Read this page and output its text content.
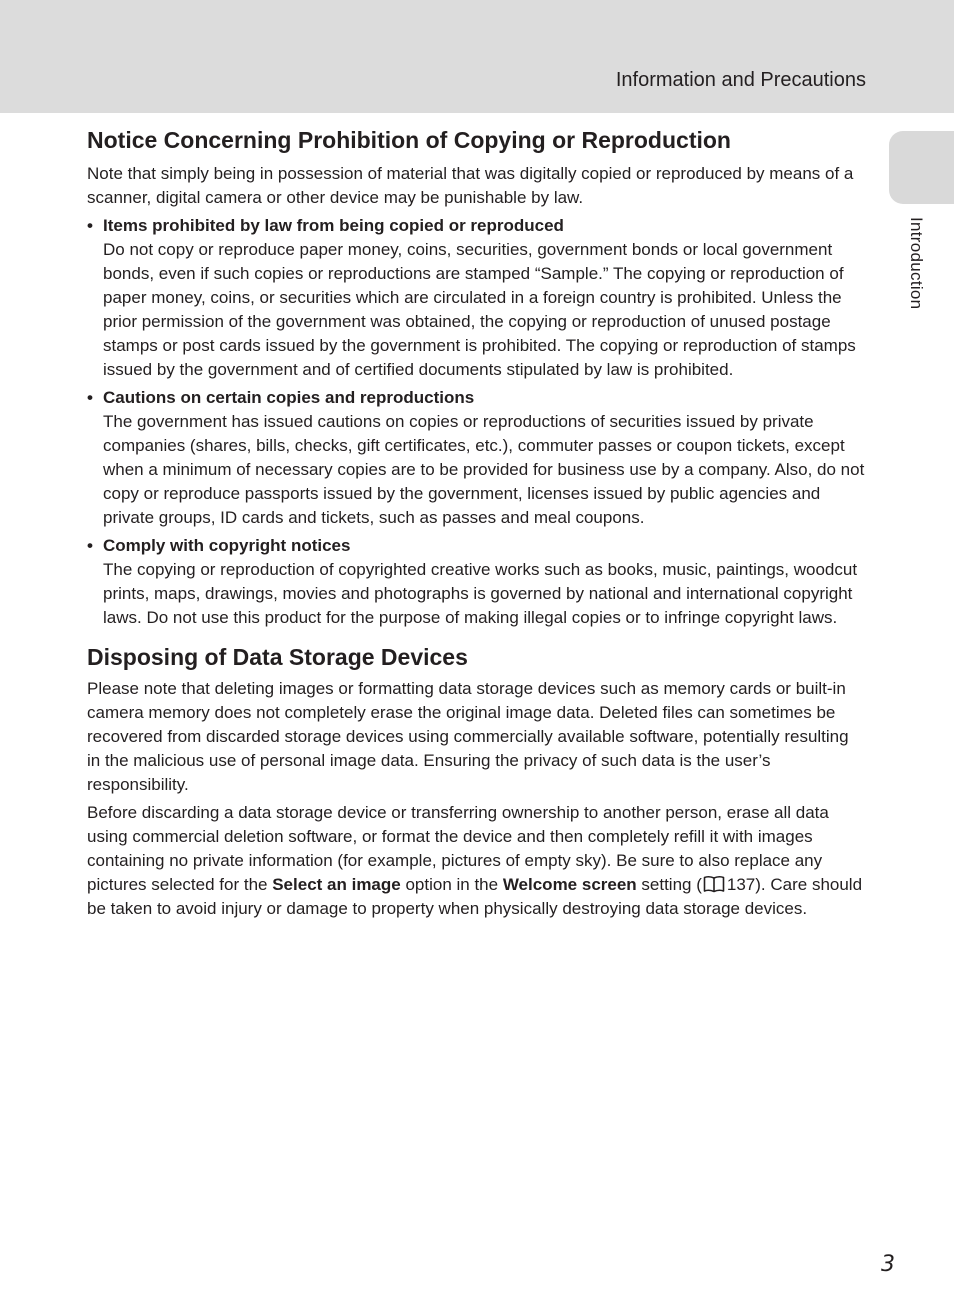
Information and Precautions
Introduction
Notice Concerning Prohibition of Copying or Reproduction

Note that simply being in possession of material that was digitally copied or reproduced by means of a scanner, digital camera or other device may be punishable by law.

• Items prohibited by law from being copied or reproduced

Do not copy or reproduce paper money, coins, securities, government bonds or local government bonds, even if such copies or reproductions are stamped “Sample.” The copying or reproduction of paper money, coins, or securities which are circulated in a foreign country is prohibited. Unless the prior permission of the government was obtained, the copying or reproduction of unused postage stamps or post cards issued by the government is prohibited. The copying or reproduction of stamps issued by the government and of certified documents stipulated by law is prohibited.

• Cautions on certain copies and reproductions

The government has issued cautions on copies or reproductions of securities issued by private companies (shares, bills, checks, gift certificates, etc.), commuter passes or coupon tickets, except when a minimum of necessary copies are to be provided for business use by a company. Also, do not copy or reproduce passports issued by the government, licenses issued by public agencies and private groups, ID cards and tickets, such as passes and meal coupons.

• Comply with copyright notices

The copying or reproduction of copyrighted creative works such as books, music, paintings, woodcut prints, maps, drawings, movies and photographs is governed by national and international copyright laws. Do not use this product for the purpose of making illegal copies or to infringe copyright laws.

Disposing of Data Storage Devices

Please note that deleting images or formatting data storage devices such as memory cards or built-in camera memory does not completely erase the original image data. Deleted files can sometimes be recovered from discarded storage devices using commercially available software, potentially resulting in the malicious use of personal image data. Ensuring the privacy of such data is the user’s responsibility.

Before discarding a data storage device or transferring ownership to another person, erase all data using commercial deletion software, or format the device and then completely refill it with images containing no private information (for example, pictures of empty sky). Be sure to also replace any pictures selected for the Select an image option in the Welcome screen setting ( 137). Care should be taken to avoid injury or damage to property when physically destroying data storage devices.

3
